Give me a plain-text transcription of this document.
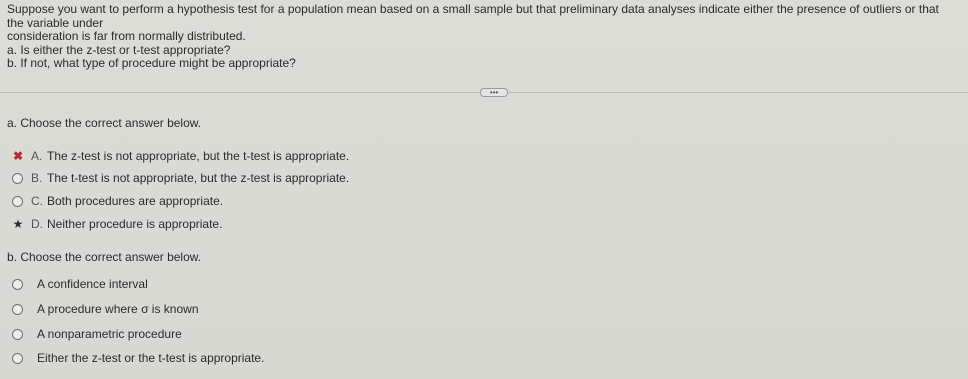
Suppose you want to perform a hypothesis test for a population mean based on a small sample but that preliminary data analyses indicate either the presence of outliers or that the variable under
consideration is far from normally distributed.
a. Is either the z-test or t-test appropriate?
b. If not, what type of procedure might be appropriate?
•••
a. Choose the correct answer below.
✖ A. The z-test is not appropriate, but the t-test is appropriate.
B. The t-test is not appropriate, but the z-test is appropriate.
C. Both procedures are appropriate.
★ D. Neither procedure is appropriate.
b. Choose the correct answer below.
A confidence interval
A procedure where σ is known
A nonparametric procedure
Either the z-test or the t-test is appropriate.
